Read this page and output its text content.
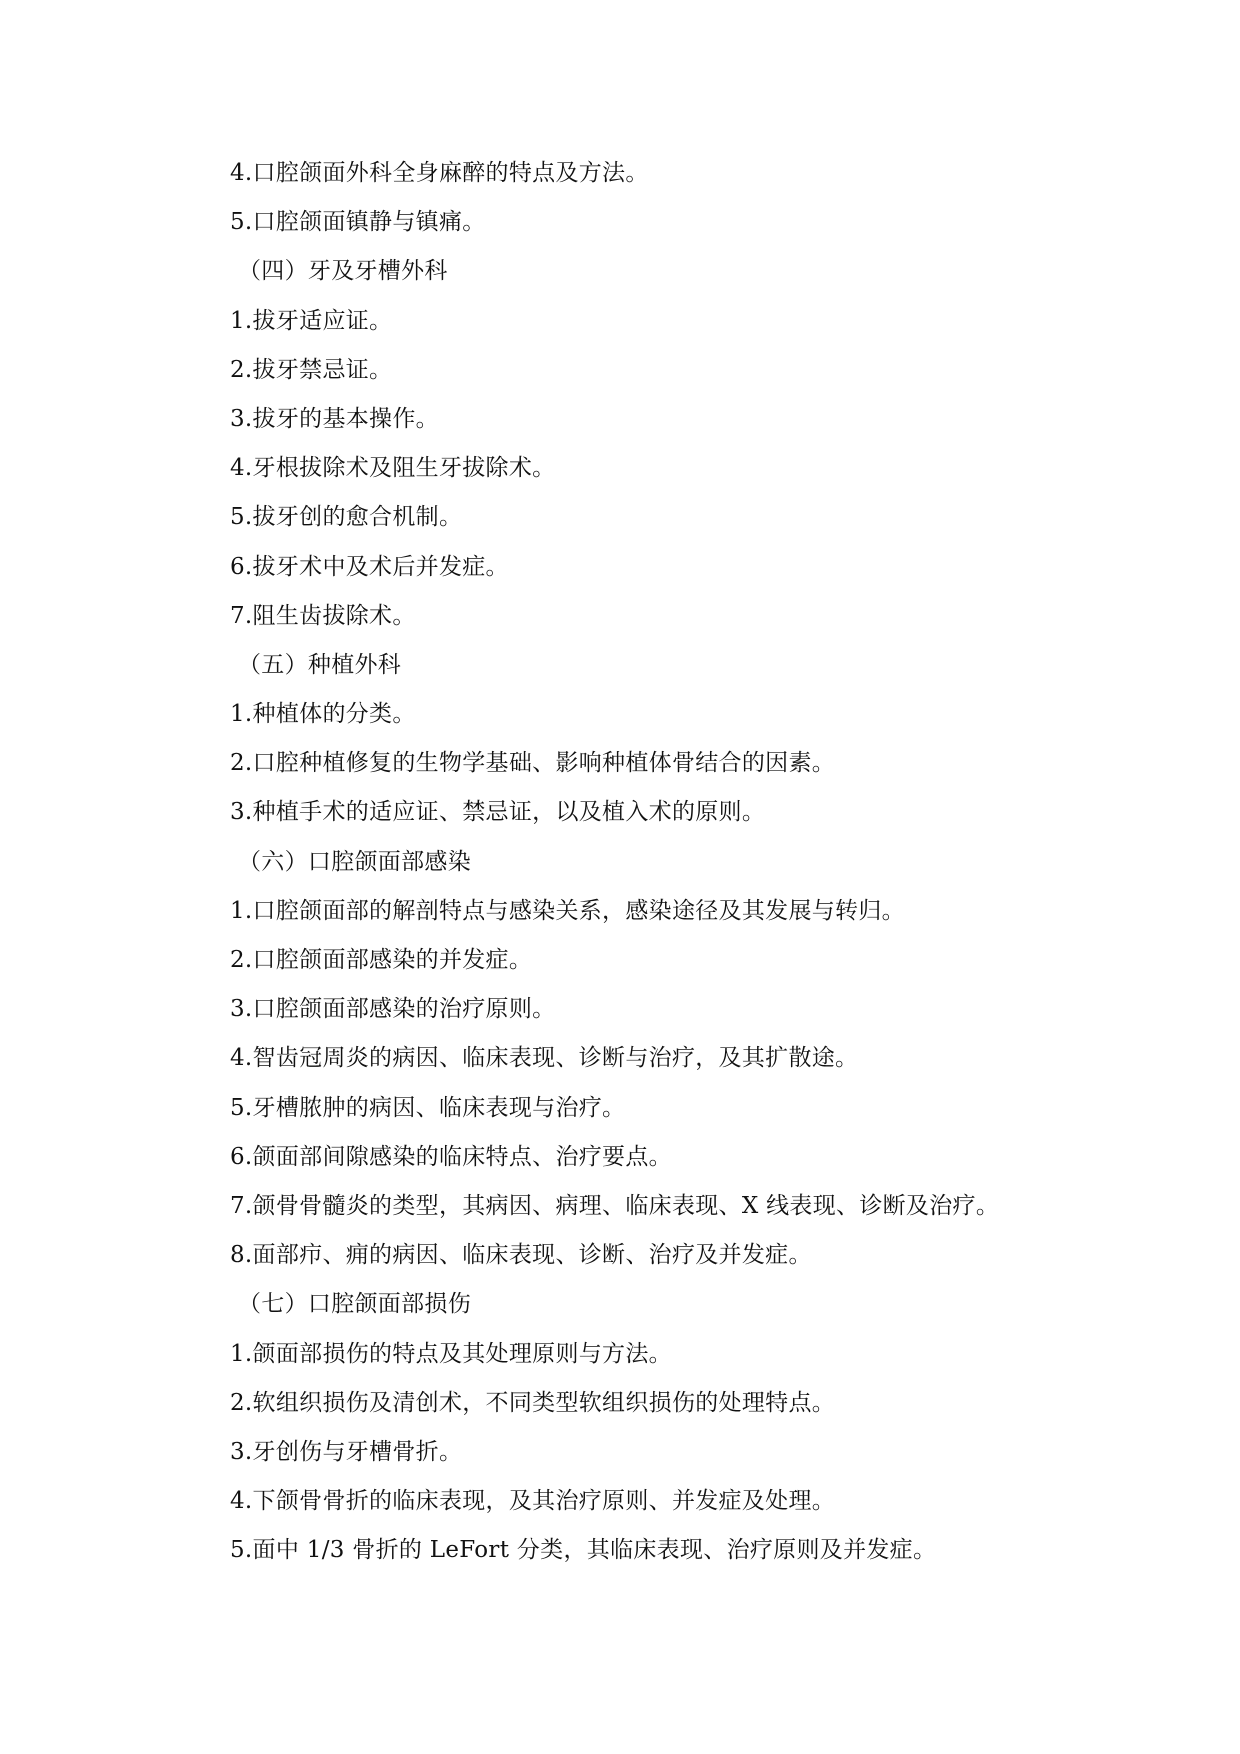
4.口腔颌面外科全身麻醉的特点及方法。
5.口腔颌面镇静与镇痛。
（四）牙及牙槽外科
1.拔牙适应证。
2.拔牙禁忌证。
3.拔牙的基本操作。
4.牙根拔除术及阻生牙拔除术。
5.拔牙创的愈合机制。
6.拔牙术中及术后并发症。
7.阻生齿拔除术。
（五）种植外科
1.种植体的分类。
2.口腔种植修复的生物学基础、影响种植体骨结合的因素。
3.种植手术的适应证、禁忌证，以及植入术的原则。
（六）口腔颌面部感染
1.口腔颌面部的解剖特点与感染关系，感染途径及其发展与转归。
2.口腔颌面部感染的并发症。
3.口腔颌面部感染的治疗原则。
4.智齿冠周炎的病因、临床表现、诊断与治疗，及其扩散途。
5.牙槽脓肿的病因、临床表现与治疗。
6.颌面部间隙感染的临床特点、治疗要点。
7.颌骨骨髓炎的类型，其病因、病理、临床表现、X 线表现、诊断及治疗。
8.面部疖、痈的病因、临床表现、诊断、治疗及并发症。
（七）口腔颌面部损伤
1.颌面部损伤的特点及其处理原则与方法。
2.软组织损伤及清创术，不同类型软组织损伤的处理特点。
3.牙创伤与牙槽骨折。
4.下颌骨骨折的临床表现，及其治疗原则、并发症及处理。
5.面中 1/3 骨折的 LeFort 分类，其临床表现、治疗原则及并发症。
